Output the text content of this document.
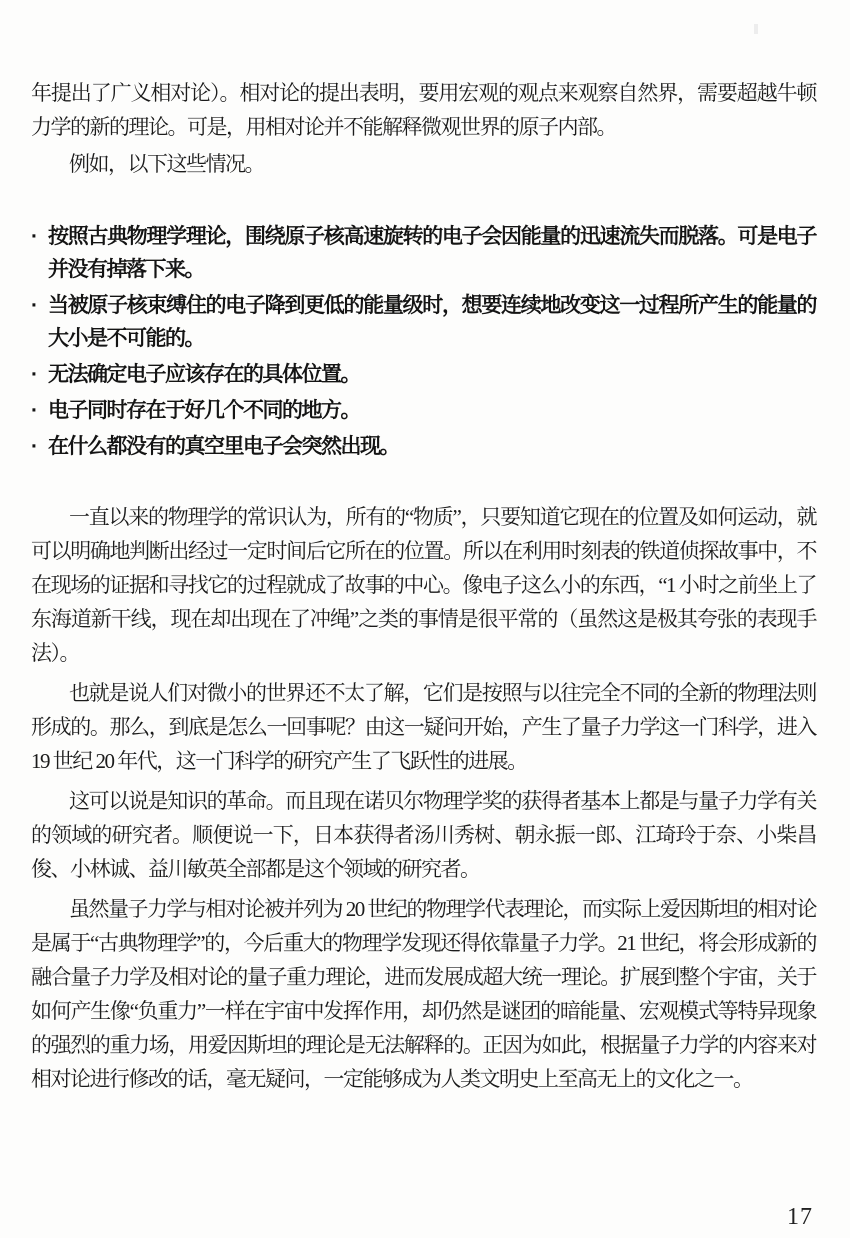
年提出了广义相对论）。相对论的提出表明，要用宏观的观点来观察自然界，需要超越牛顿力学的新的理论。可是，用相对论并不能解释微观世界的原子内部。

例如，以下这些情况。

· 按照古典物理学理论，围绕原子核高速旋转的电子会因能量的迅速流失而脱落。可是电子并没有掉落下来。
· 当被原子核束缚住的电子降到更低的能量级时，想要连续地改变这一过程所产生的能量的大小是不可能的。
· 无法确定电子应该存在的具体位置。
· 电子同时存在于好几个不同的地方。
· 在什么都没有的真空里电子会突然出现。

一直以来的物理学的常识认为，所有的“物质”，只要知道它现在的位置及如何运动，就可以明确地判断出经过一定时间后它所在的位置。所以在利用时刻表的铁道侦探故事中，不在现场的证据和寻找它的过程就成了故事的中心。像电子这么小的东西，“1 小时之前坐上了东海道新干线，现在却出现在了冲绳”之类的事情是很平常的（虽然这是极其夸张的表现手法）。

也就是说人们对微小的世界还不太了解，它们是按照与以往完全不同的全新的物理法则形成的。那么，到底是怎么一回事呢？由这一疑问开始，产生了量子力学这一门科学，进入 19 世纪 20 年代，这一门科学的研究产生了飞跃性的进展。

这可以说是知识的革命。而且现在诺贝尔物理学奖的获得者基本上都是与量子力学有关的领域的研究者。顺便说一下，日本获得者汤川秀树、朝永振一郎、江琦玲于奈、小柴昌俊、小林诚、益川敏英全部都是这个领域的研究者。

虽然量子力学与相对论被并列为 20 世纪的物理学代表理论，而实际上爱因斯坦的相对论是属于“古典物理学”的，今后重大的物理学发现还得依靠量子力学。21 世纪，将会形成新的融合量子力学及相对论的量子重力理论，进而发展成超大统一理论。扩展到整个宇宙，关于如何产生像“负重力”一样在宇宙中发挥作用，却仍然是谜团的暗能量、宏观模式等特异现象的强烈的重力场，用爱因斯坦的理论是无法解释的。正因为如此，根据量子力学的内容来对相对论进行修改的话，毫无疑问，一定能够成为人类文明史上至高无上的文化之一。

17
